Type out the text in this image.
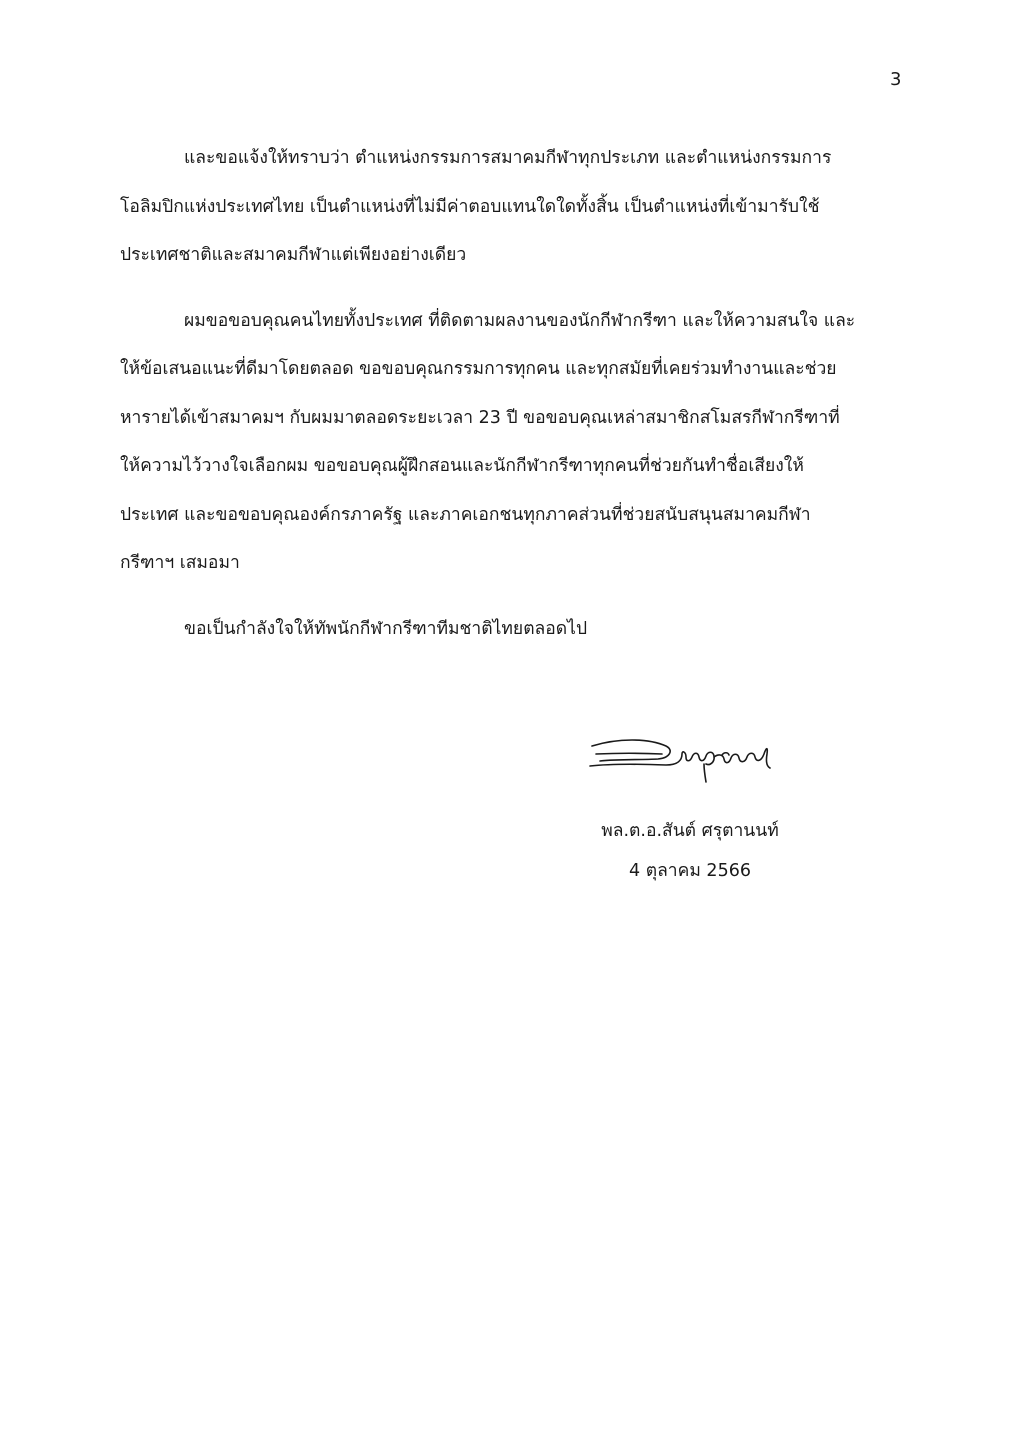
3

และขอแจ้งให้ทราบว่า ตำแหน่งกรรมการสมาคมกีฬาทุกประเภท และตำแหน่งกรรมการ
โอลิมปิกแห่งประเทศไทย เป็นตำแหน่งที่ไม่มีค่าตอบแทนใดใดทั้งสิ้น เป็นตำแหน่งที่เข้ามารับใช้
ประเทศชาติและสมาคมกีฬาแต่เพียงอย่างเดียว

ผมขอขอบคุณคนไทยทั้งประเทศ ที่ติดตามผลงานของนักกีฬากรีฑา และให้ความสนใจ และ
ให้ข้อเสนอแนะที่ดีมาโดยตลอด ขอขอบคุณกรรมการทุกคน และทุกสมัยที่เคยร่วมทำงานและช่วย
หารายได้เข้าสมาคมฯ กับผมมาตลอดระยะเวลา 23 ปี ขอขอบคุณเหล่าสมาชิกสโมสรกีฬากรีฑาที่
ให้ความไว้วางใจเลือกผม ขอขอบคุณผู้ฝึกสอนและนักกีฬากรีฑาทุกคนที่ช่วยกันทำชื่อเสียงให้
ประเทศ และขอขอบคุณองค์กรภาครัฐ และภาคเอกชนทุกภาคส่วนที่ช่วยสนับสนุนสมาคมกีฬา
กรีฑาฯ เสมอมา

ขอเป็นกำลังใจให้ทัพนักกีฬากรีฑาทีมชาติไทยตลอดไป

พล.ต.อ.สันต์ ศรุตานนท์
4 ตุลาคม 2566
